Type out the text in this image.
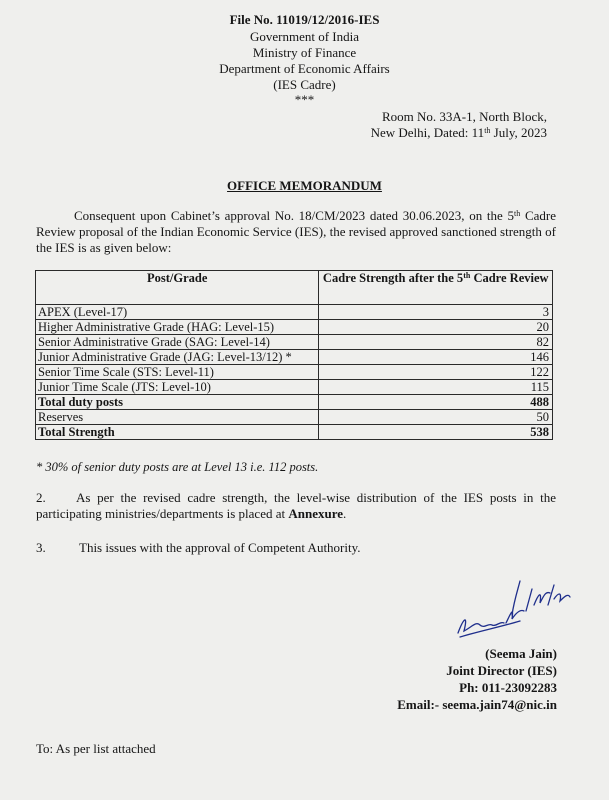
File No. 11019/12/2016-IES
Government of India
Ministry of Finance
Department of Economic Affairs
(IES Cadre)
***
Room No. 33A-1, North Block,
New Delhi, Dated: 11th July, 2023
OFFICE MEMORANDUM
Consequent upon Cabinet’s approval No. 18/CM/2023 dated 30.06.2023, on the 5th Cadre Review proposal of the Indian Economic Service (IES), the revised approved sanctioned strength of the IES is as given below:
Post/Grade	Cadre Strength after the 5th Cadre Review
APEX (Level-17)	3
Higher Administrative Grade (HAG: Level-15)	20
Senior Administrative Grade (SAG: Level-14)	82
Junior Administrative Grade (JAG: Level-13/12) *	146
Senior Time Scale (STS: Level-11)	122
Junior Time Scale (JTS: Level-10)	115
Total duty posts	488
Reserves	50
Total Strength	538
* 30% of senior duty posts are at Level 13 i.e. 112 posts.
2. As per the revised cadre strength, the level-wise distribution of the IES posts in the participating ministries/departments is placed at Annexure.
3.	This issues with the approval of Competent Authority.
(Seema Jain)
Joint Director (IES)
Ph: 011-23092283
Email:- seema.jain74@nic.in
To: As per list attached
